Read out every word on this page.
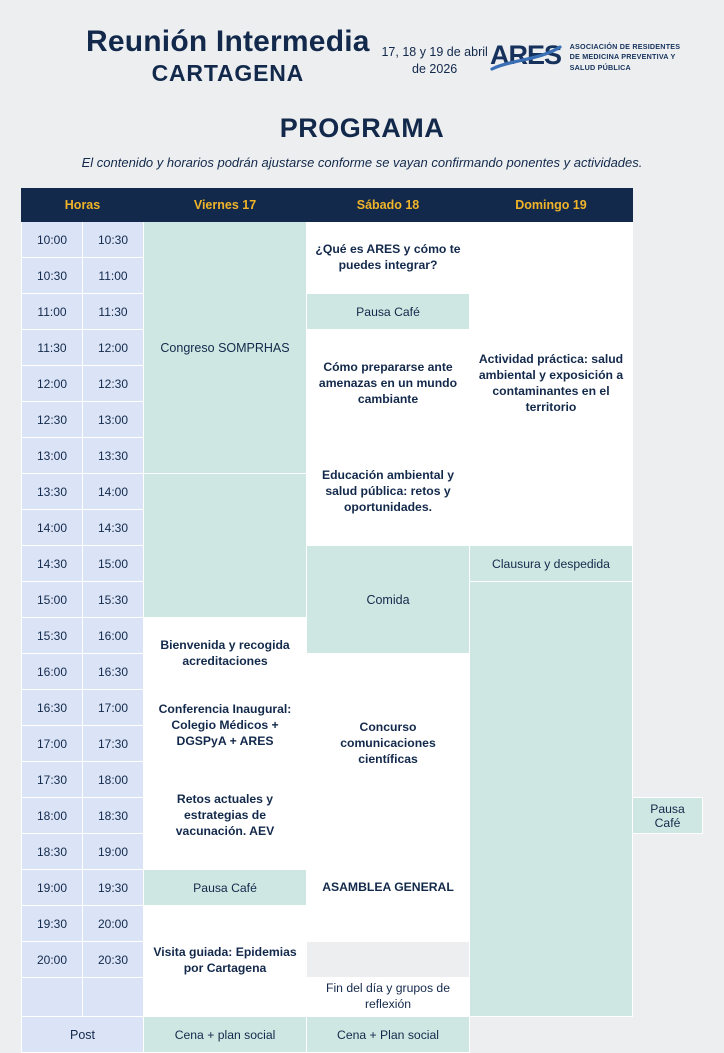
Reunión Intermedia
CARTAGENA
17, 18 y 19 de abril de 2026	ARES ASOCIACIÓN DE RESIDENTES DE MEDICINA PREVENTIVA Y SALUD PÚBLICA
PROGRAMA
El contenido y horarios podrán ajustarse conforme se vayan confirmando ponentes y actividades.
Horas		Viernes 17	Sábado 18	Domingo 19	
10:00	10:30	Congreso SOMPRHAS	¿Qué es ARES y cómo te puedes integrar?	Actividad práctica: salud ambiental y exposición a contaminantes en el territorio	
10:30	11:00				
11:00	11:30		Pausa Café		
11:30	12:00		Cómo prepararse ante amenazas en un mundo cambiante		
12:00	12:30				
12:30	13:00				
13:00	13:30		Educación ambiental y salud pública: retos y oportunidades.		
13:30	14:00				
14:00	14:30				
14:30	15:00		Comida	Clausura y despedida	
15:00	15:30				
15:30	16:00	Bienvenida y recogida acreditaciones			
16:00	16:30		Concurso comunicaciones científicas		
16:30	17:00	Conferencia Inaugural: Colegio Médicos + DGSPyA + ARES			
17:00	17:30				
17:30	18:00	Retos actuales y estrategias de vacunación. AEV			
18:00	18:30				Pausa Café
18:30	19:00		ASAMBLEA GENERAL		
19:00	19:30	Pausa Café			
19:30	20:00	Visita guiada: Epidemias por Cartagena			
20:00	20:30				
			Fin del día y grupos de reflexión		
Post		Cena + plan social	Cena + Plan social		
